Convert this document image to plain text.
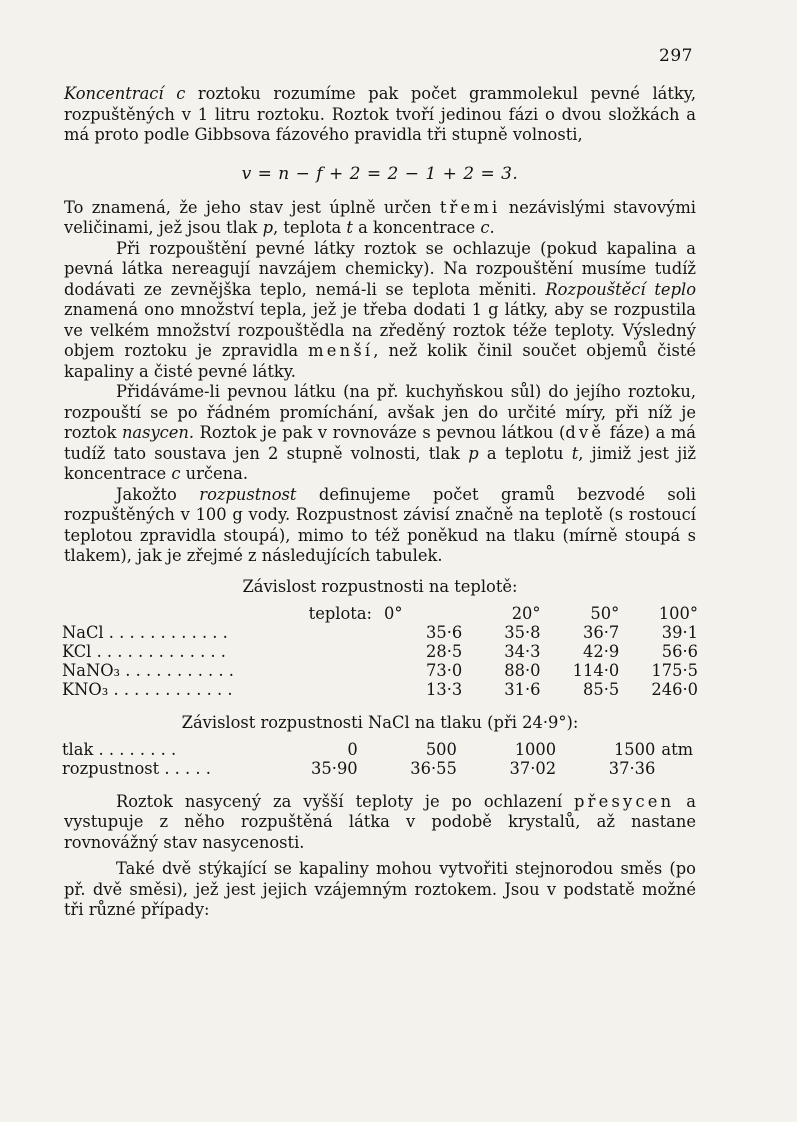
297

Koncentrací c roztoku rozumíme pak počet grammolekul pevné látky, rozpuštěných v 1 litru roztoku. Roztok tvoří jedinou fázi o dvou složkách a má proto podle Gibbsova fázového pravidla tři stupně volnosti,

v = n − f + 2 = 2 − 1 + 2 = 3.

To znamená, že jeho stav jest úplně určen třemi nezávislými stavovými veličinami, jež jsou tlak p, teplota t a koncentrace c.

Při rozpouštění pevné látky roztok se ochlazuje (pokud kapalina a pevná látka nereagují navzájem chemicky). Na rozpouštění musíme tudíž dodávati ze zevnějška teplo, nemá-li se teplota měniti. Rozpouštěcí teplo znamená ono množství tepla, jež je třeba dodati 1 g látky, aby se rozpustila ve velkém množství rozpouštědla na zředěný roztok téže teploty. Výsledný objem roztoku je zpravidla menší, než kolik činil součet objemů čisté kapaliny a čisté pevné látky.

Přidáváme-li pevnou látku (na př. kuchyňskou sůl) do jejího roztoku, rozpouští se po řádném promíchání, avšak jen do určité míry, při níž je roztok nasycen. Roztok je pak v rovnováze s pevnou látkou (dvě fáze) a má tudíž tato soustava jen 2 stupně volnosti, tlak p a teplotu t, jimiž jest již koncentrace c určena.

Jakožto rozpustnost definujeme počet gramů bezvodé soli rozpuštěných v 100 g vody. Rozpustnost závisí značně na teplotě (s rostoucí teplotou zpravidla stoupá), mimo to též poněkud na tlaku (mírně stoupá s tlakem), jak je zřejmé z následujících tabulek.

Závislost rozpustnosti na teplotě:
teplota:	0°	20°	50°	100°
NaCl . . . . . . . . . . . .	35·6	35·8	36·7	39·1
KCl . . . . . . . . . . . . .	28·5	34·3	42·9	56·6
NaNO₃ . . . . . . . . . . .	73·0	88·0	114·0	175·5
KNO₃ . . . . . . . . . . . .	13·3	31·6	85·5	246·0
Závislost rozpustnosti NaCl na tlaku (při 24·9°):
tlak . . . . . . . .	0	500	1000	1500	atm
rozpustnost . . . . .	35·90	36·55	37·02	37·36	

Roztok nasycený za vyšší teploty je po ochlazení přesycen a vystupuje z něho rozpuštěná látka v podobě krystalů, až nastane rovnovážný stav nasycenosti.

Také dvě stýkající se kapaliny mohou vytvořiti stejnorodou směs (po př. dvě směsi), jež jest jejich vzájemným roztokem. Jsou v podstatě možné tři různé případy:
